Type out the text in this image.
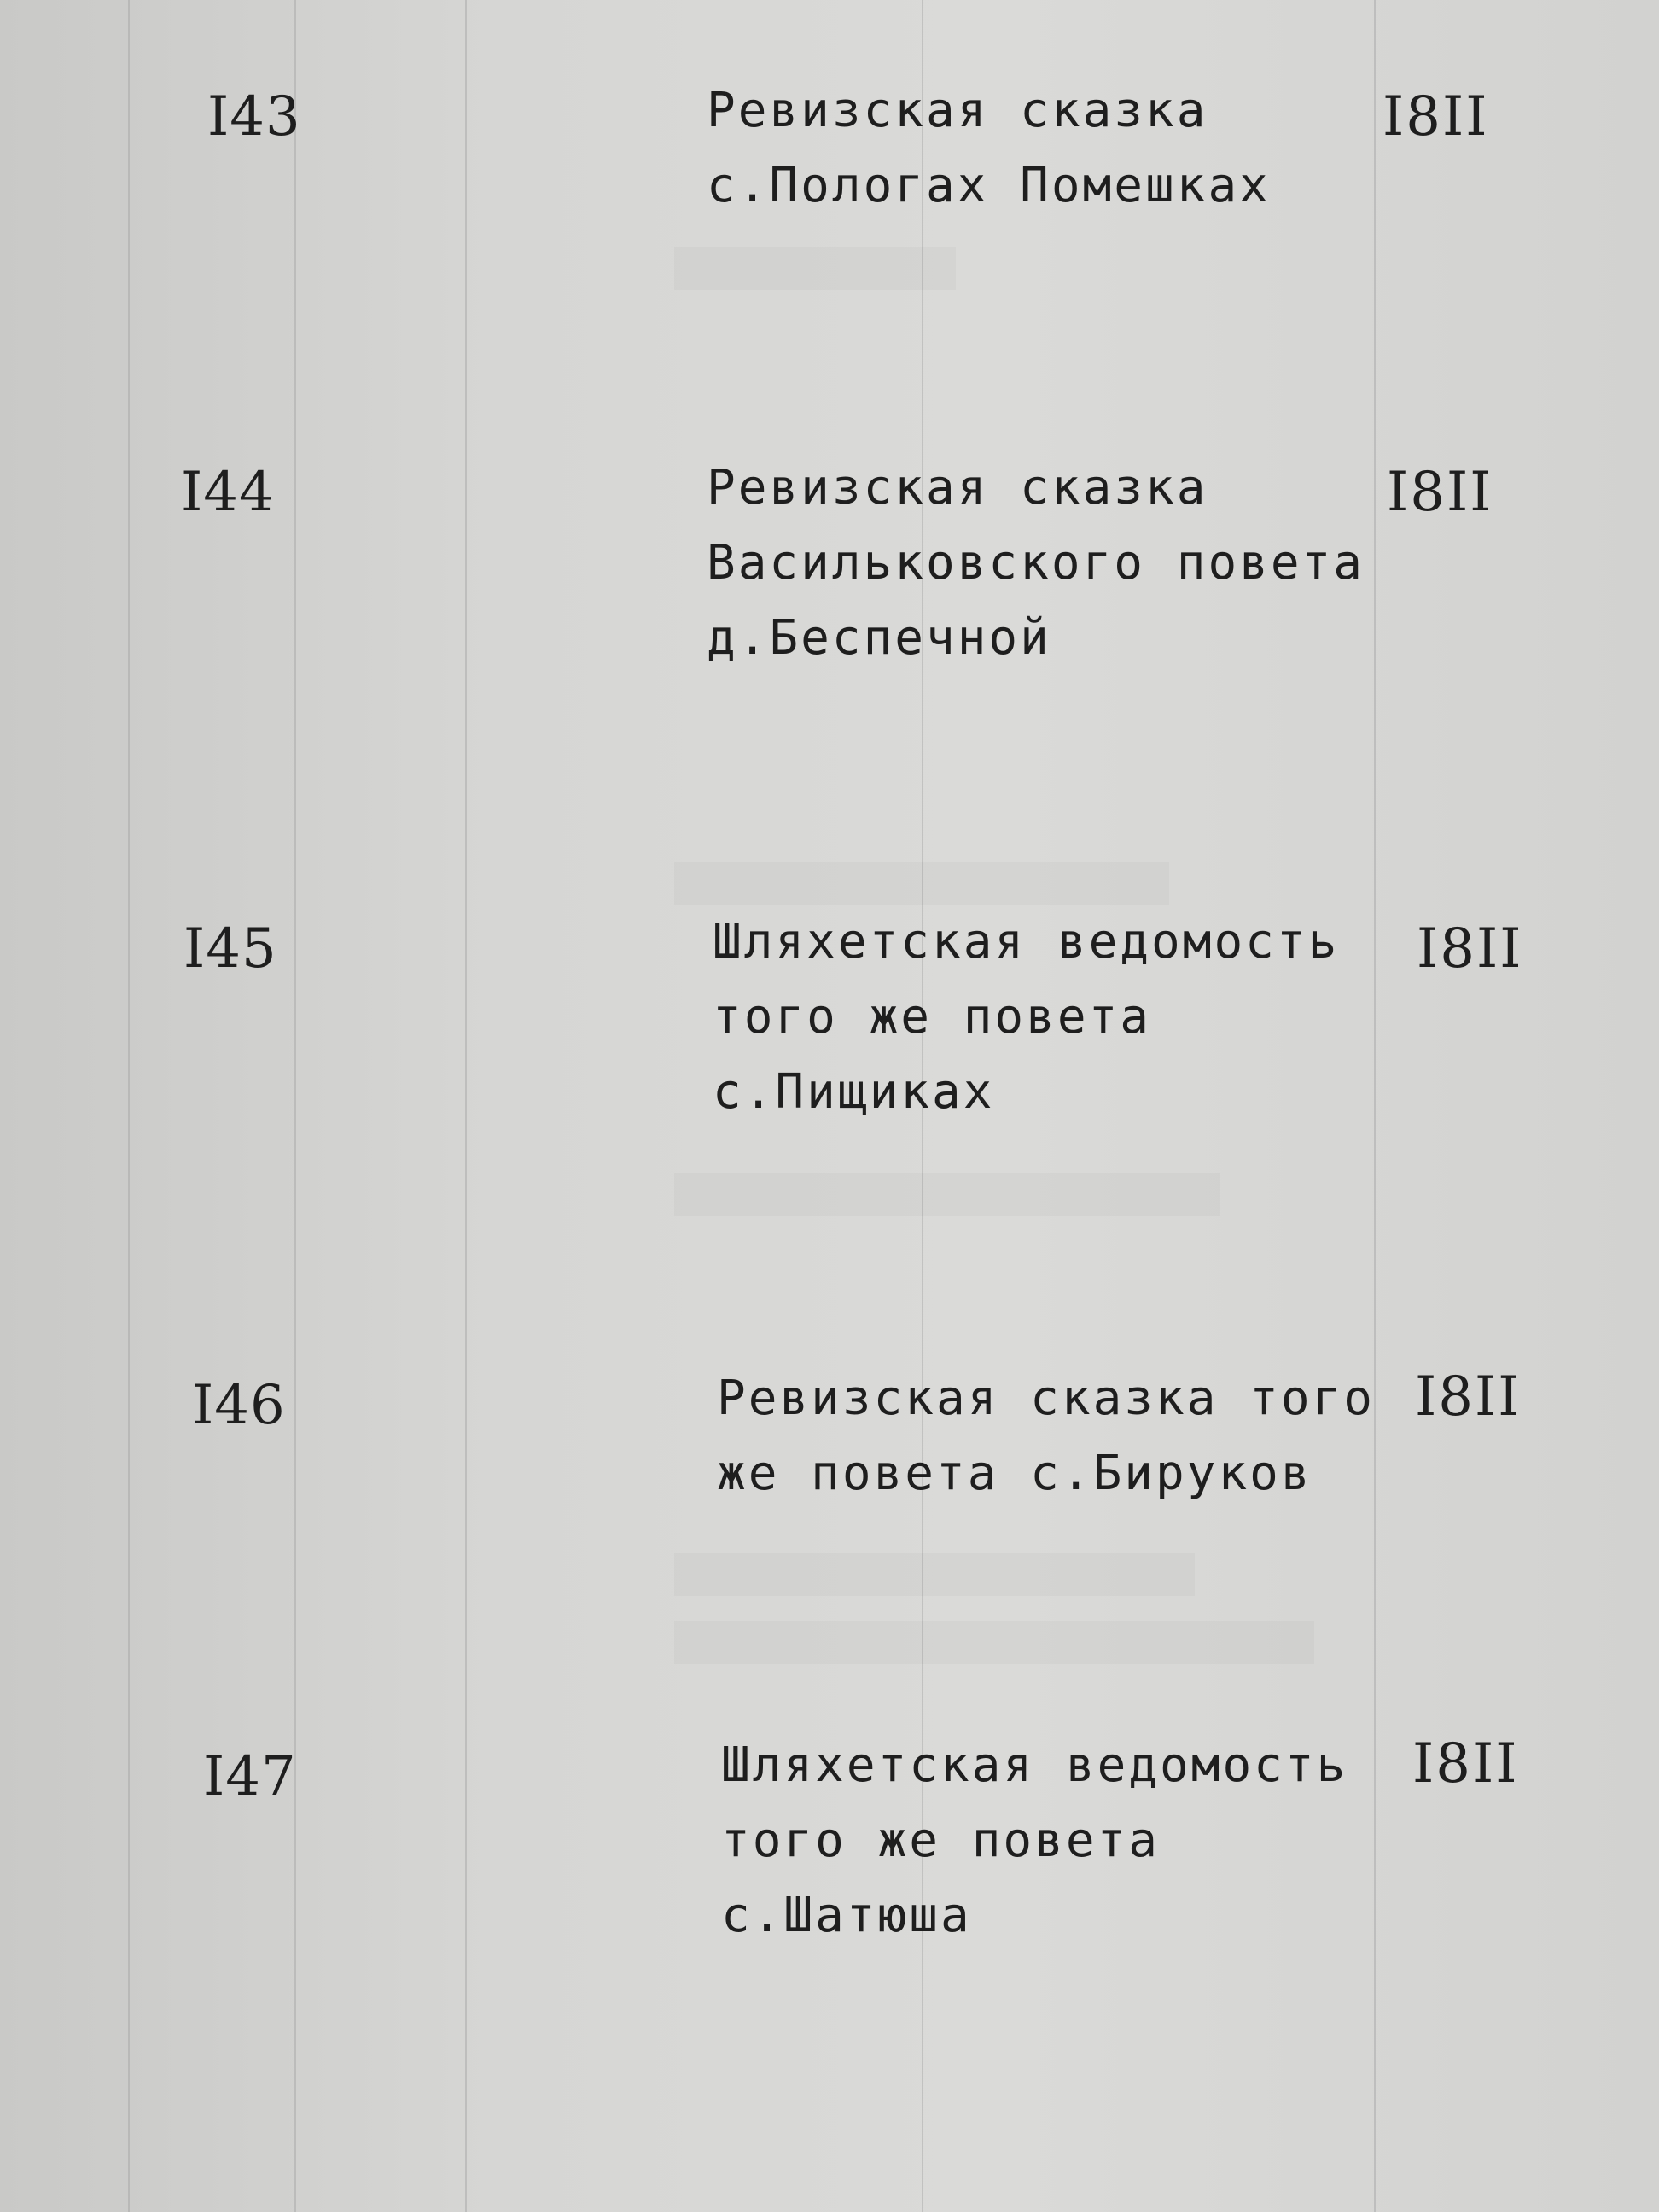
I43	Ревизская сказка
с.Пологах Помешках
I8II
I44	Ревизская сказка
Васильковского повета
д.Беспечной
I8II
I45	Шляхетская ведомость
того же повета
с.Пищиках
I8II
I46	Ревизская сказка того
же повета с.Бируков
I8II
I47	Шляхетская ведомость
того же повета
с.Шатюша
I8II
